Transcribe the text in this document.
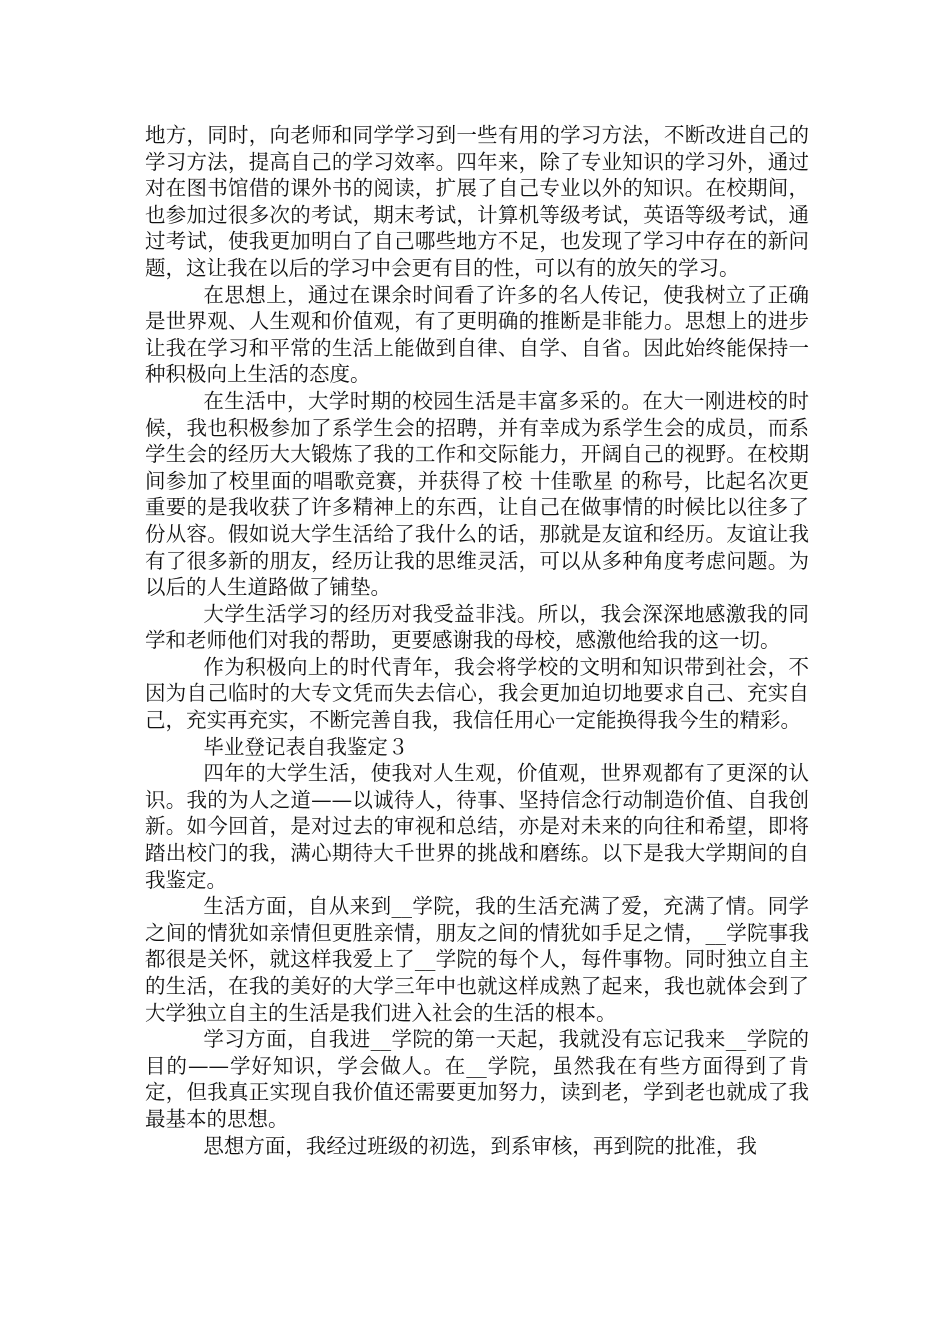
地方，同时，向老师和同学学习到一些有用的学习方法，不断改进自己的学习方法，提高自己的学习效率。四年来，除了专业知识的学习外，通过对在图书馆借的课外书的阅读，扩展了自己专业以外的知识。在校期间，也参加过很多次的考试，期末考试，计算机等级考试，英语等级考试，通过考试，使我更加明白了自己哪些地方不足，也发现了学习中存在的新问题，这让我在以后的学习中会更有目的性，可以有的放矢的学习。

在思想上，通过在课余时间看了许多的名人传记，使我树立了正确是世界观、人生观和价值观，有了更明确的推断是非能力。思想上的进步让我在学习和平常的生活上能做到自律、自学、自省。因此始终能保持一种积极向上生活的态度。

在生活中，大学时期的校园生活是丰富多采的。在大一刚进校的时候，我也积极参加了系学生会的招聘，并有幸成为系学生会的成员，而系学生会的经历大大锻炼了我的工作和交际能力，开阔自己的视野。在校期间参加了校里面的唱歌竞赛，并获得了校 十佳歌星 的称号，比起名次更重要的是我收获了许多精神上的东西，让自己在做事情的时候比以往多了份从容。假如说大学生活给了我什么的话，那就是友谊和经历。友谊让我有了很多新的朋友，经历让我的思维灵活，可以从多种角度考虑问题。为以后的人生道路做了铺垫。

大学生活学习的经历对我受益非浅。所以，我会深深地感激我的同学和老师他们对我的帮助，更要感谢我的母校，感激他给我的这一切。

作为积极向上的时代青年，我会将学校的文明和知识带到社会，不因为自己临时的大专文凭而失去信心，我会更加迫切地要求自己、充实自己，充实再充实，不断完善自我，我信任用心一定能换得我今生的精彩。

毕业登记表自我鉴定３

四年的大学生活，使我对人生观，价值观，世界观都有了更深的认识。我的为人之道——以诚待人，待事、坚持信念行动制造价值、自我创新。如今回首，是对过去的审视和总结，亦是对未来的向往和希望，即将踏出校门的我，满心期待大千世界的挑战和磨练。以下是我大学期间的自我鉴定。

生活方面，自从来到__学院，我的生活充满了爱，充满了情。同学之间的情犹如亲情但更胜亲情，朋友之间的情犹如手足之情，__学院事我都很是关怀，就这样我爱上了__学院的每个人，每件事物。同时独立自主的生活，在我的美好的大学三年中也就这样成熟了起来，我也就体会到了大学独立自主的生活是我们进入社会的生活的根本。

学习方面，自我进__学院的第一天起，我就没有忘记我来__学院的目的——学好知识，学会做人。在__学院，虽然我在有些方面得到了肯定，但我真正实现自我价值还需要更加努力，读到老，学到老也就成了我最基本的思想。

思想方面，我经过班级的初选，到系审核，再到院的批准，我
